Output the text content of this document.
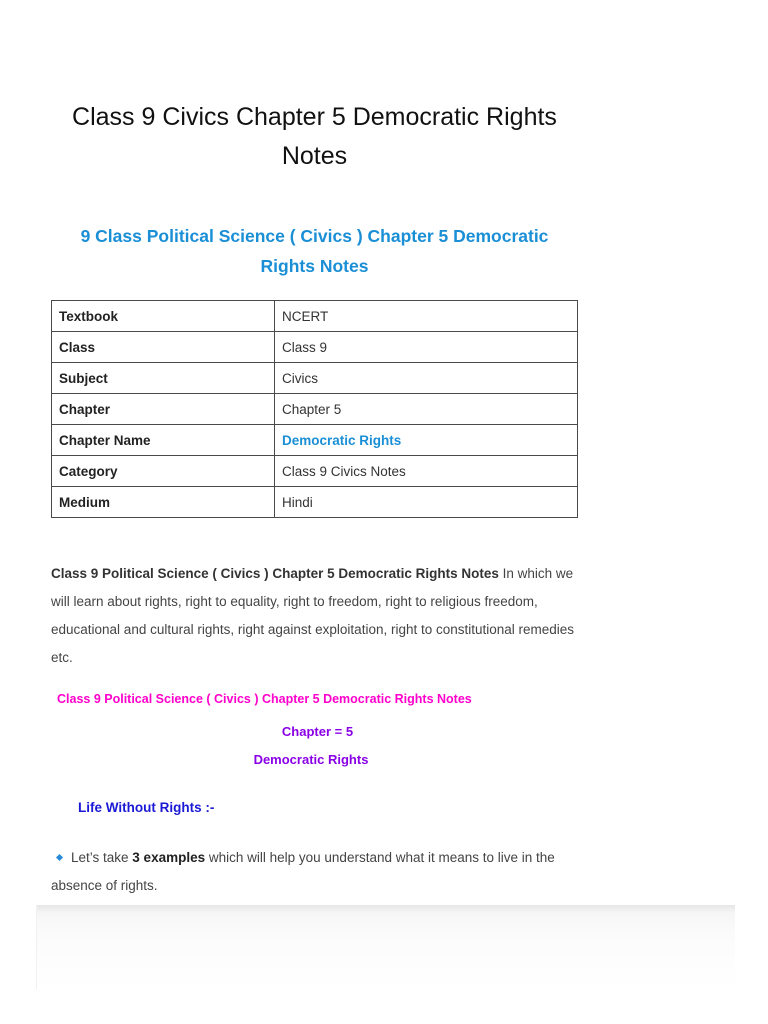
Class 9 Civics Chapter 5 Democratic Rights Notes
9 Class Political Science ( Civics ) Chapter 5 Democratic Rights Notes
Textbook	NCERT
Class	Class 9
Subject	Civics
Chapter	Chapter 5
Chapter Name	Democratic Rights
Category	Class 9 Civics Notes
Medium	Hindi

Class 9 Political Science ( Civics ) Chapter 5 Democratic Rights Notes In which we will learn about rights, right to equality, right to freedom, right to religious freedom, educational and cultural rights, right against exploitation, right to constitutional remedies etc.

Class 9 Political Science ( Civics ) Chapter 5 Democratic Rights Notes

Chapter = 5

Democratic Rights

Life Without Rights :-

Let’s take 3 examples which will help you understand what it means to live in the absence of rights.
